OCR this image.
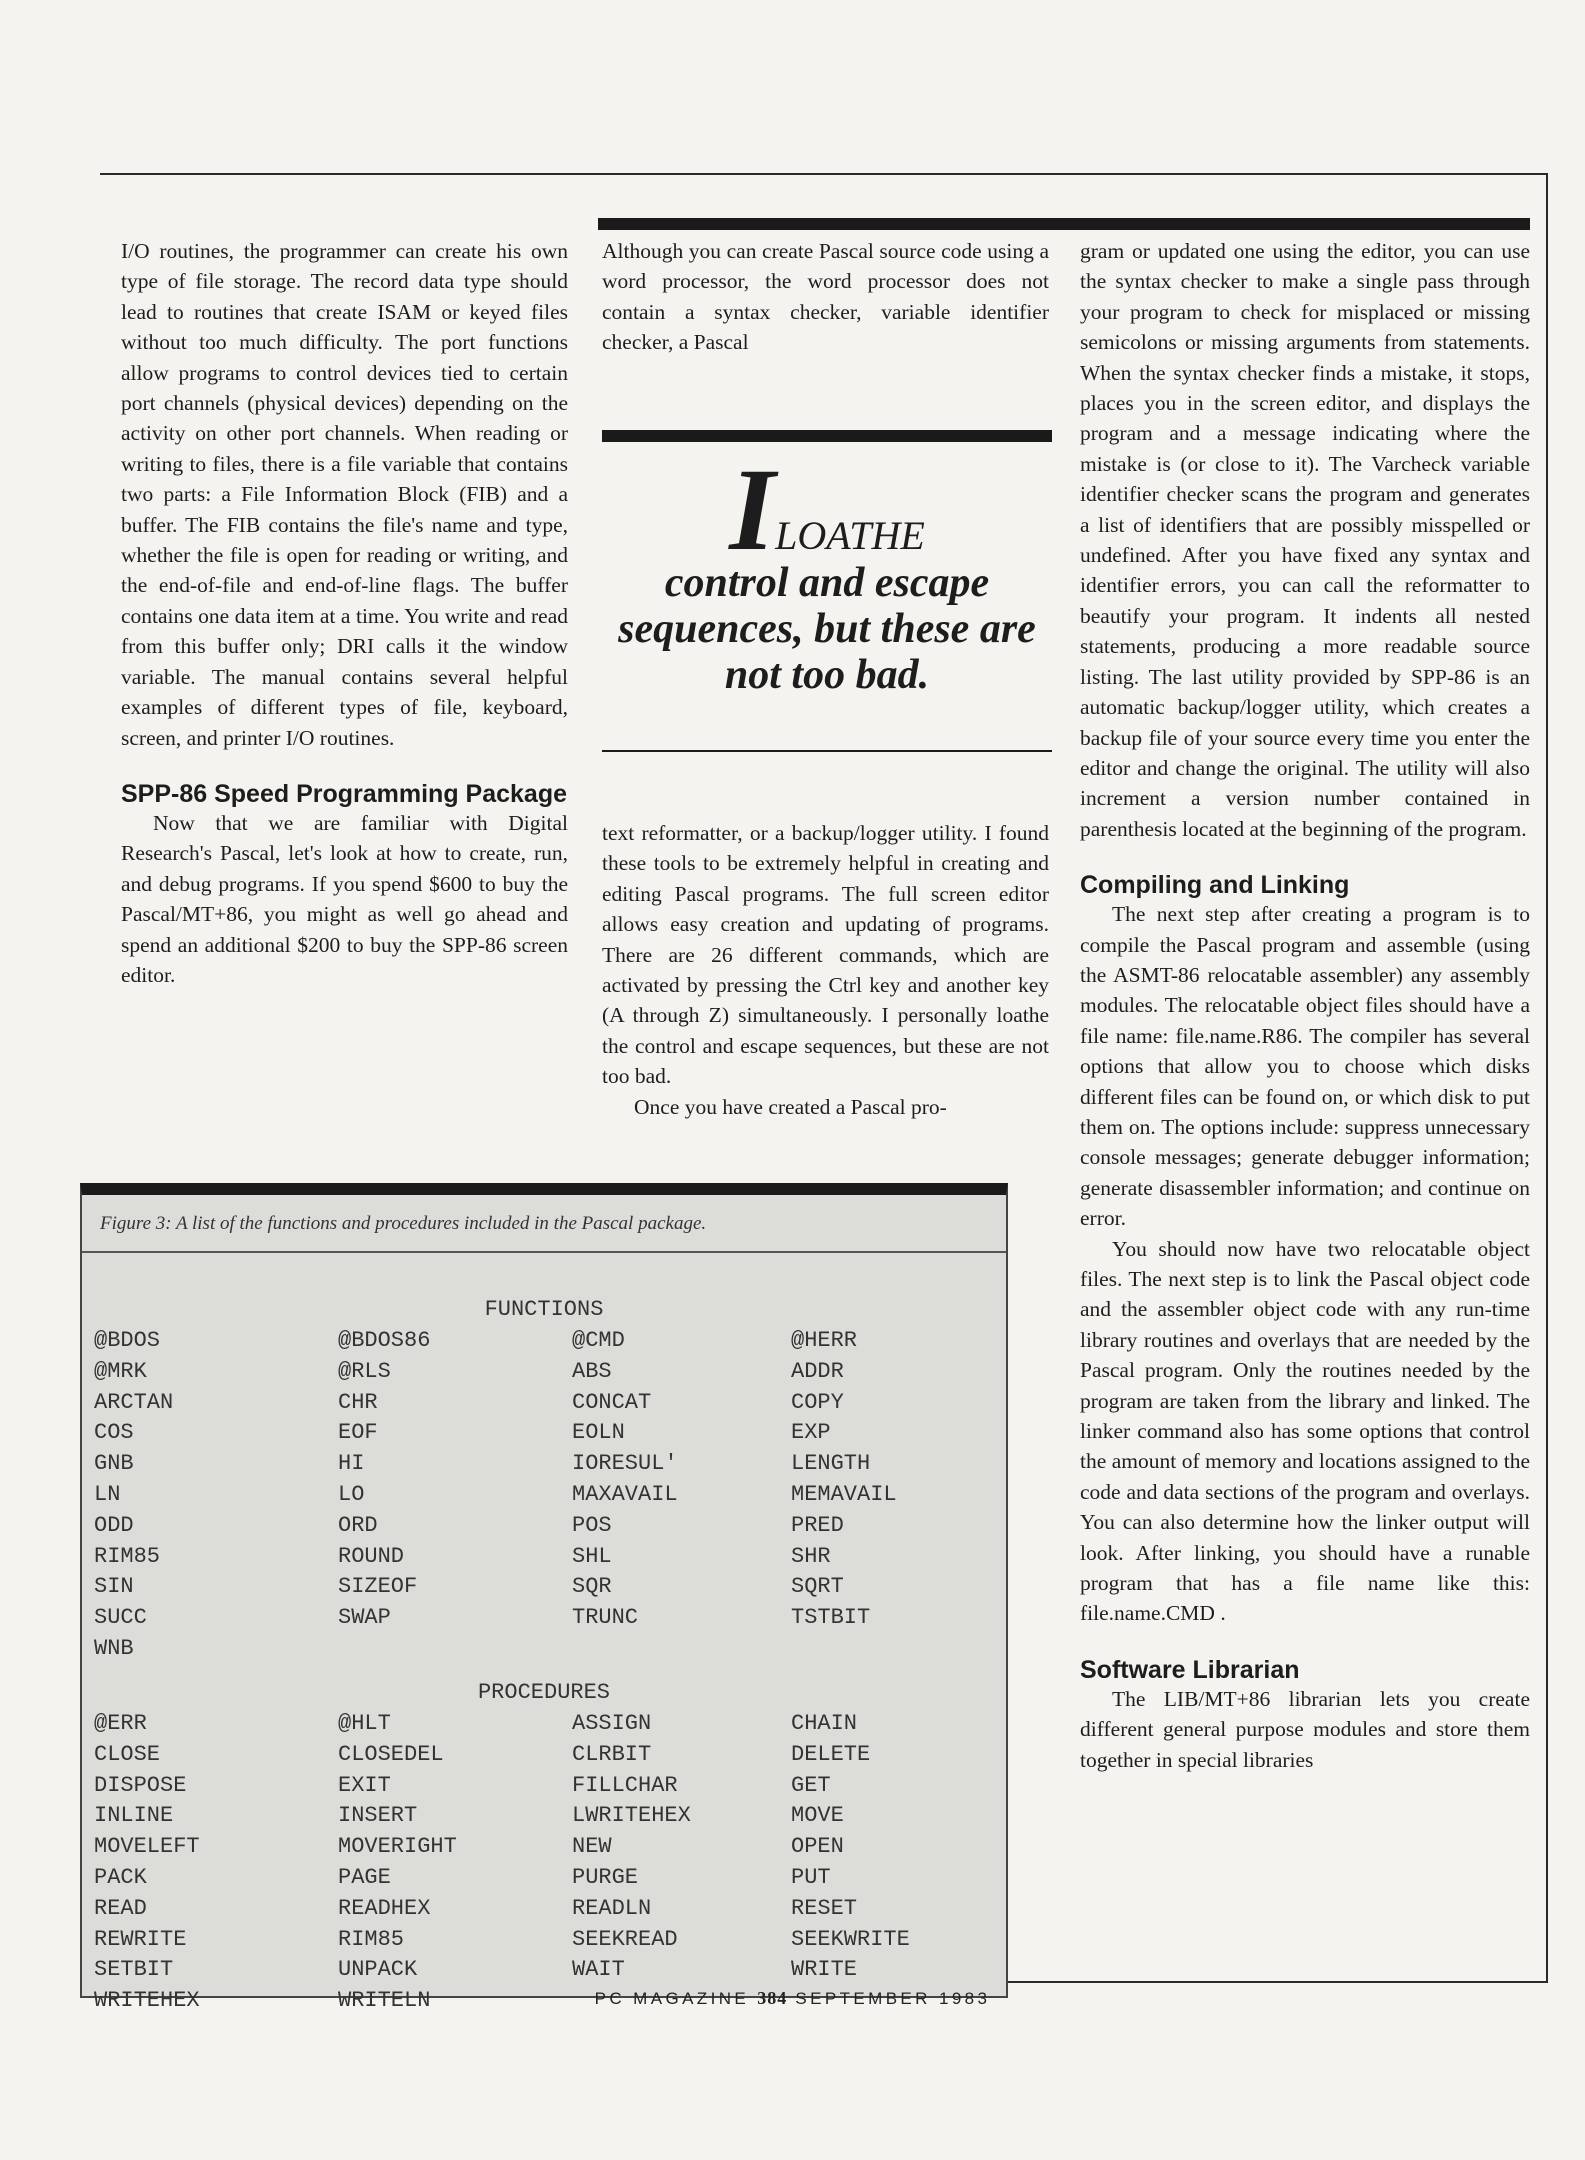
I/O routines, the programmer can create his own type of file storage. The record data type should lead to routines that create ISAM or keyed files without too much difficulty. The port functions allow programs to control devices tied to certain port channels (physical devices) depending on the activity on other port channels. When reading or writing to files, there is a file variable that contains two parts: a File Information Block (FIB) and a buffer. The FIB contains the file's name and type, whether the file is open for reading or writing, and the end-of-file and end-of-line flags. The buffer contains one data item at a time. You write and read from this buffer only; DRI calls it the window variable. The manual contains several helpful examples of different types of file, keyboard, screen, and printer I/O routines.

SPP-86 Speed Programming Package

Now that we are familiar with Digital Research's Pascal, let's look at how to create, run, and debug programs. If you spend $600 to buy the Pascal/MT+86, you might as well go ahead and spend an additional $200 to buy the SPP-86 screen editor.

Although you can create Pascal source code using a word processor, the word processor does not contain a syntax checker, variable identifier checker, a Pascal

ILOATHE
control and escape
sequences, but these are
not too bad.

text reformatter, or a backup/logger utility. I found these tools to be extremely helpful in creating and editing Pascal programs. The full screen editor allows easy creation and updating of programs. There are 26 different commands, which are activated by pressing the Ctrl key and another key (A through Z) simultaneously. I personally loathe the control and escape sequences, but these are not too bad.

Once you have created a Pascal pro-

gram or updated one using the editor, you can use the syntax checker to make a single pass through your program to check for misplaced or missing semicolons or missing arguments from statements. When the syntax checker finds a mistake, it stops, places you in the screen editor, and displays the program and a message indicating where the mistake is (or close to it). The Varcheck variable identifier checker scans the program and generates a list of identifiers that are possibly misspelled or undefined. After you have fixed any syntax and identifier errors, you can call the reformatter to beautify your program. It indents all nested statements, producing a more readable source listing. The last utility provided by SPP-86 is an automatic backup/logger utility, which creates a backup file of your source every time you enter the editor and change the original. The utility will also increment a version number contained in parenthesis located at the beginning of the program.

Compiling and Linking

The next step after creating a program is to compile the Pascal program and assemble (using the ASMT-86 relocatable assembler) any assembly modules. The relocatable object files should have a file name: file.name.R86. The compiler has several options that allow you to choose which disks different files can be found on, or which disk to put them on. The options include: suppress unnecessary console messages; generate debugger information; generate disassembler information; and continue on error.

You should now have two relocatable object files. The next step is to link the Pascal object code and the assembler object code with any run-time library routines and overlays that are needed by the Pascal program. Only the routines needed by the program are taken from the library and linked. The linker command also has some options that control the amount of memory and locations assigned to the code and data sections of the program and overlays. You can also determine how the linker output will look. After linking, you should have a runable program that has a file name like this: file.name.CMD .

Software Librarian

The LIB/MT+86 librarian lets you create different general purpose modules and store them together in special libraries

Figure 3: A list of the functions and procedures included in the Pascal package.
FUNCTIONS
@BDOS	@BDOS86	@CMD	@HERR
@MRK	@RLS	ABS	ADDR
ARCTAN	CHR	CONCAT	COPY
COS	EOF	EOLN	EXP
GNB	HI	IORESUL'	LENGTH
LN	LO	MAXAVAIL	MEMAVAIL
ODD	ORD	POS	PRED
RIM85	ROUND	SHL	SHR
SIN	SIZEOF	SQR	SQRT
SUCC	SWAP	TRUNC	TSTBIT
WNB
PROCEDURES
@ERR	@HLT	ASSIGN	CHAIN
CLOSE	CLOSEDEL	CLRBIT	DELETE
DISPOSE	EXIT	FILLCHAR	GET
INLINE	INSERT	LWRITEHEX	MOVE
MOVELEFT	MOVERIGHT	NEW	OPEN
PACK	PAGE	PURGE	PUT
READ	READHEX	READLN	RESET
REWRITE	RIM85	SEEKREAD	SEEKWRITE
SETBIT	UNPACK	WAIT	WRITE
WRITEHEX	WRITELN	PC MAGAZINE 384 SEPTEMBER 1983
